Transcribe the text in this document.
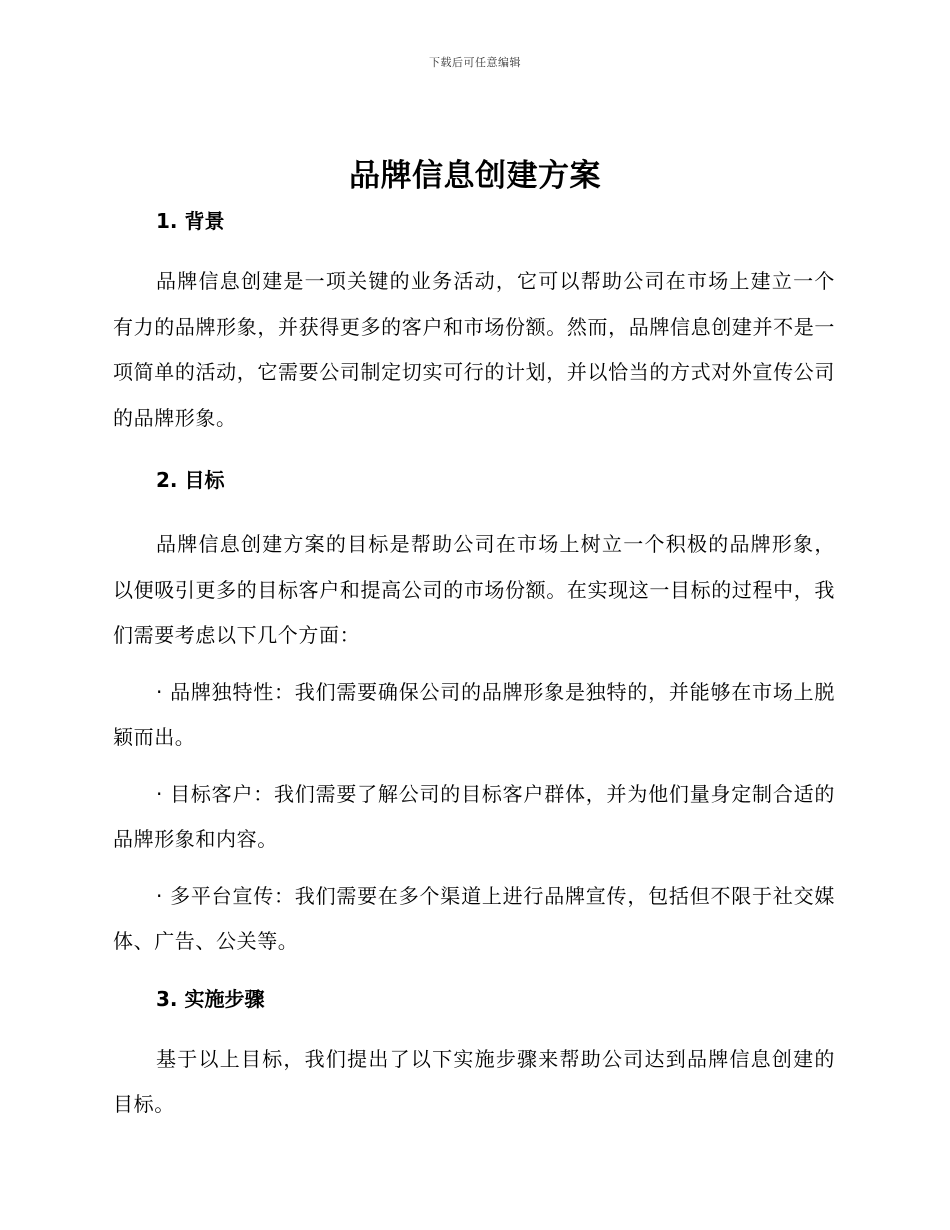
下载后可任意编辑
品牌信息创建方案
1. 背景

品牌信息创建是一项关键的业务活动，它可以帮助公司在市场上建立一个有力的品牌形象，并获得更多的客户和市场份额。然而，品牌信息创建并不是一项简单的活动，它需要公司制定切实可行的计划，并以恰当的方式对外宣传公司的品牌形象。

2. 目标

品牌信息创建方案的目标是帮助公司在市场上树立一个积极的品牌形象，以便吸引更多的目标客户和提高公司的市场份额。在实现这一目标的过程中，我们需要考虑以下几个方面：

· 品牌独特性：我们需要确保公司的品牌形象是独特的，并能够在市场上脱颖而出。

· 目标客户：我们需要了解公司的目标客户群体，并为他们量身定制合适的品牌形象和内容。

· 多平台宣传：我们需要在多个渠道上进行品牌宣传，包括但不限于社交媒体、广告、公关等。

3. 实施步骤

基于以上目标，我们提出了以下实施步骤来帮助公司达到品牌信息创建的目标。
